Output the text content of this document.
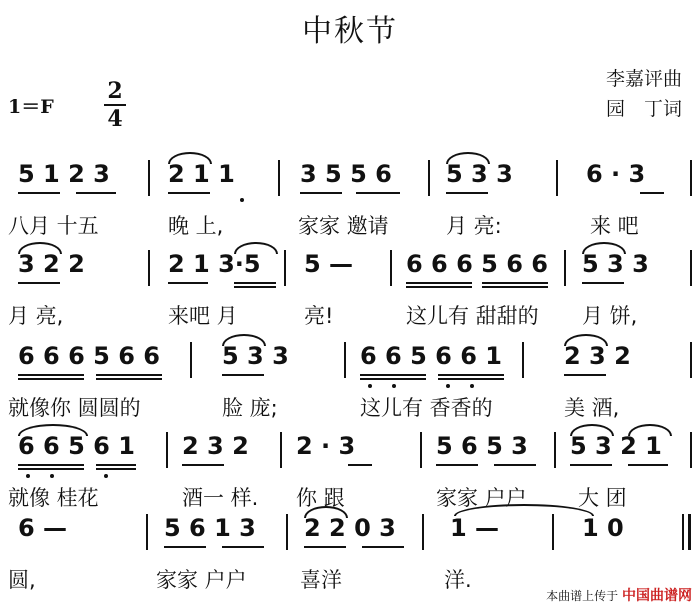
中秋节
李嘉评曲
园　丁词
1＝F
2
4
5 1 2 3 2 1 1	3 5 5 6 5 3 3	6 · 3
八月 十五	晚 上,	家家 邀请	月 亮:	来 吧
3 2 2	2 1 3·5 5 — 6 6 6 5 6 6 5 3 3
月 亮,	来吧 月	亮!	这儿有 甜甜的 月 饼,
6 6 6 5 6 6	5 3 3	6 6 5 6 6 1	2 3 2
就像你 圆圆的	脸 庞;	这儿有 香香的	美 酒,
6 6 5 6 1 2 3 2 2 · 3	5 6 5 3 5 3 2 1
就像 桂花	酒一 样. 你 跟	家家 户户 大 团
6 —	5 6 1 3 2 2 0 3 1 —	1 0
圆,	家家 户户	喜洋	洋.
本曲谱上传于 中国曲谱网
